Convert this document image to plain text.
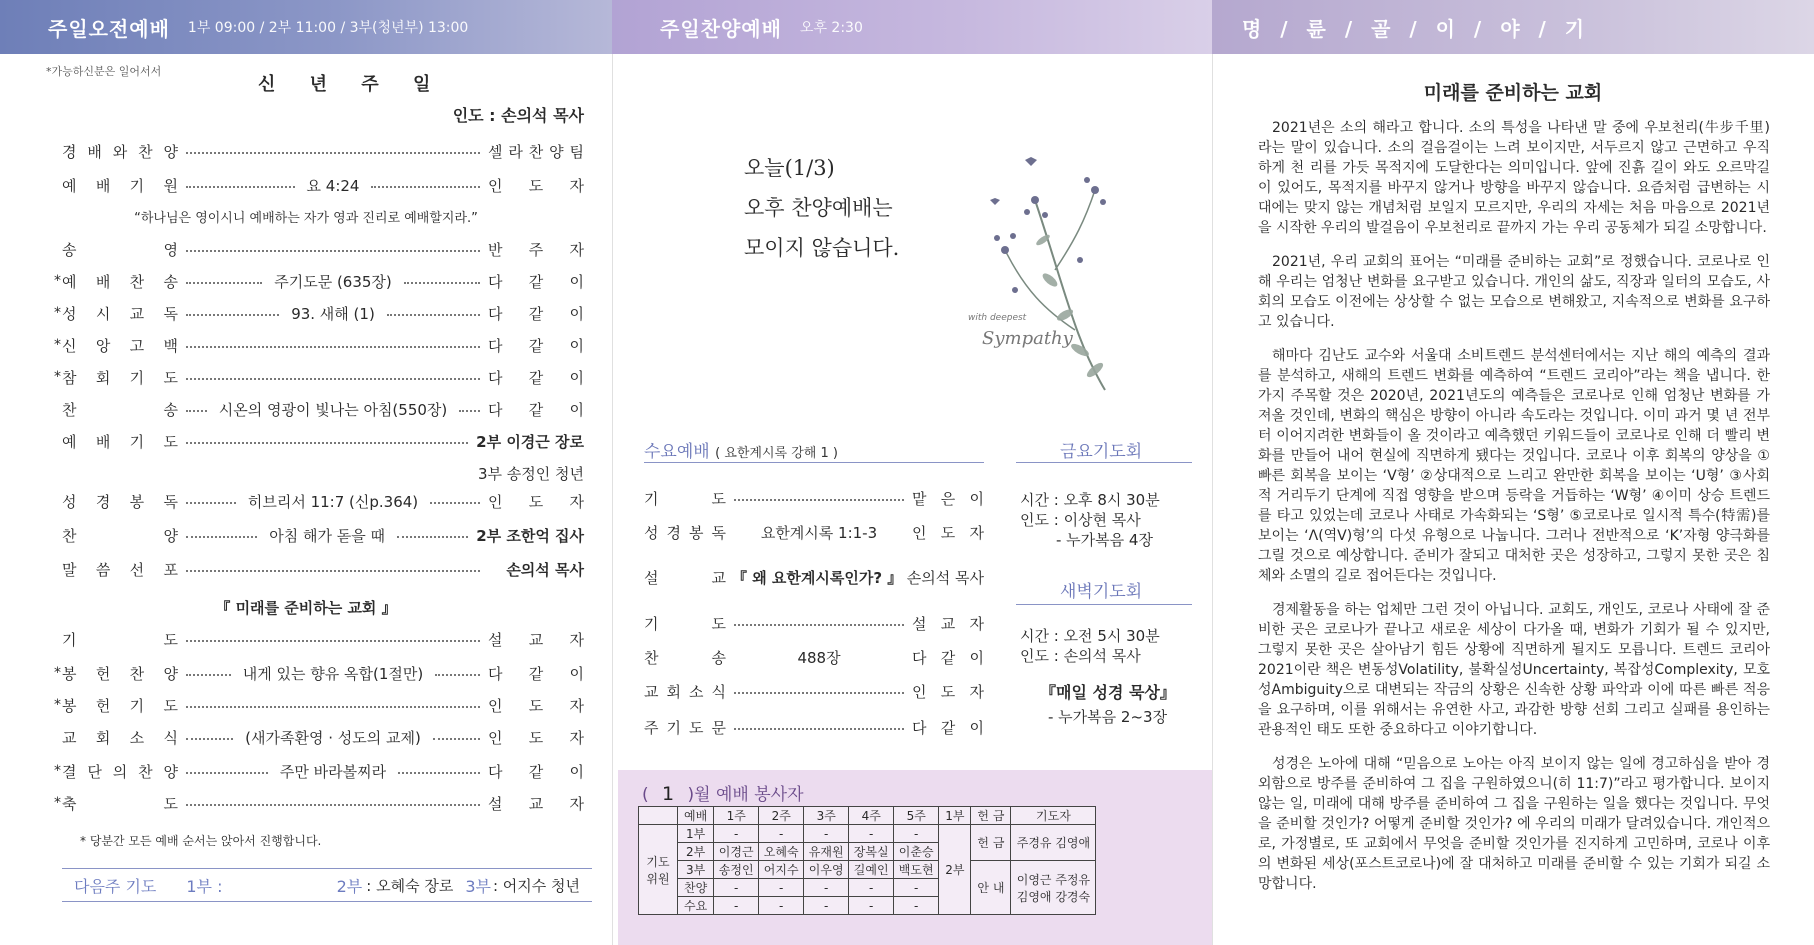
주일오전예배 1부 09:00 / 2부 11:00 / 3부(청년부) 13:00	주일찬양예배 오후 2:30	명 / 륜 / 골 / 이 / 야 / 기
*가능하신분은 일어서서
신 년 주 일
인도 : 손의석 목사
경 배 와 찬 양	셀 라 찬 양 팀
예 배 기 원	요 4:24	인 도 자
송	영	반 주 자
* 예 배 찬 송	주기도문 (635장)	다 같 이
* 성 시 교 독	93. 새해 (1)	다 같 이
* 신 앙 고 백	다 같 이
* 참 회 기 도	다 같 이
찬	송	시온의 영광이 빛나는 아침(550장)	다 같 이
예 배 기 도	2부 이경근 장로
성 경 봉 독	히브리서 11:7 (신p.364)	인 도 자
찬	양	아침 해가 돋을 때	2부 조한억 집사
말 씀 선 포	손의석 목사
기	도	설 교 자
* 봉 헌 찬 양	내게 있는 향유 옥합(1절만)	다 같 이
* 봉 헌 기 도	인 도 자
교 회 소 식	(새가족환영 · 성도의 교제)	인 도 자
* 결 단 의 찬 양	주만 바라볼찌라	다 같 이
* 축	도	설 교 자
“하나님은 영이시니 예배하는 자가 영과 진리로 예배할지라.”
3부 송정인 청년
『 미래를 준비하는 교회 』
* 당분간 모든 예배 순서는 앉아서 진행합니다.
다음주 기도 1부 :	2부 : 오혜숙 장로 3부 : 어지수 청년
오늘(1/3)
오후 찬양예배는
모이지 않습니다.
with deepest
Sympathy
수요예배 ( 요한계시록 강해 1 )
기	도	맡 은 이
성 경 봉 독	요한계시록 1:1-3	인 도 자
설	교 『 왜 요한계시록인가? 』 손의석 목사
기	도	설 교 자
찬	송	488장	다 같 이
교 회 소 식	인 도 자
주 기 도 문	다 같 이
금요기도회
시간 : 오후 8시 30분
인도 : 이상현 목사
- 누가복음 4장
새벽기도회
시간 : 오전 5시 30분
인도 : 손의석 목사
『매일 성경 묵상』
- 누가복음 2~3장
( 1 )월 예배 봉사자
	예배	1주	2주	3주	4주	5주	1부	헌 금	기도자
기도 위원	1부	-	-	-	-	-	2부	헌 금	주경유 김영애
	2부	이경근	오혜숙	유재원	장복실	이춘승			
	3부	송정인	어지수	이우영	길예인	백도현		안 내	이영근 주정유 김영애 강경숙
	찬양	-	-	-	-	-			
	수요	-	-	-	-	-			
미래를 준비하는 교회

2021년은 소의 해라고 합니다. 소의 특성을 나타낸 말 중에 우보천리(牛步千里)라는 말이 있습니다. 소의 걸음걸이는 느려 보이지만, 서두르지 않고 근면하고 우직하게 천 리를 가듯 목적지에 도달한다는 의미입니다. 앞에 진흙 길이 와도 오르막길이 있어도, 목적지를 바꾸지 않거나 방향을 바꾸지 않습니다. 요즘처럼 급변하는 시대에는 맞지 않는 개념처럼 보일지 모르지만, 우리의 자세는 처음 마음으로 2021년을 시작한 우리의 발걸음이 우보천리로 끝까지 가는 우리 공동체가 되길 소망합니다.

2021년, 우리 교회의 표어는 “미래를 준비하는 교회”로 정했습니다. 코로나로 인해 우리는 엄청난 변화를 요구받고 있습니다. 개인의 삶도, 직장과 일터의 모습도, 사회의 모습도 이전에는 상상할 수 없는 모습으로 변해왔고, 지속적으로 변화를 요구하고 있습니다.

해마다 김난도 교수와 서울대 소비트렌드 분석센터에서는 지난 해의 예측의 결과를 분석하고, 새해의 트렌드 변화를 예측하여 “트렌드 코리아”라는 책을 냅니다. 한가지 주목할 것은 2020년, 2021년도의 예측들은 코로나로 인해 엄청난 변화를 가져올 것인데, 변화의 핵심은 방향이 아니라 속도라는 것입니다. 이미 과거 몇 년 전부터 이어지려한 변화들이 올 것이라고 예측했던 키워드들이 코로나로 인해 더 빨리 변화를 만들어 내어 현실에 직면하게 됐다는 것입니다. 코로나 이후 회복의 양상을 ①빠른 회복을 보이는 ‘V형’ ②상대적으로 느리고 완만한 회복을 보이는 ‘U형’ ③사회적 거리두기 단계에 직접 영향을 받으며 등락을 거듭하는 ‘W형’ ④이미 상승 트렌드를 타고 있었는데 코로나 사태로 가속화되는 ‘S형’ ⑤코로나로 일시적 특수(特需)를 보이는 ‘Λ(역V)형’의 다섯 유형으로 나눕니다. 그러나 전반적으로 ‘K’자형 양극화를 그릴 것으로 예상합니다. 준비가 잘되고 대처한 곳은 성장하고, 그렇지 못한 곳은 침체와 소멸의 길로 접어든다는 것입니다.

경제활동을 하는 업체만 그런 것이 아닙니다. 교회도, 개인도, 코로나 사태에 잘 준비한 곳은 코로나가 끝나고 새로운 세상이 다가올 때, 변화가 기회가 될 수 있지만, 그렇지 못한 곳은 살아남기 힘든 상황에 직면하게 될지도 모릅니다. 트렌드 코리아 2021이란 책은 변동성Volatility, 불확실성Uncertainty, 복잡성Complexity, 모호성Ambiguity으로 대변되는 작금의 상황은 신속한 상황 파악과 이에 따른 빠른 적응을 요구하며, 이를 위해서는 유연한 사고, 과감한 방향 선회 그리고 실패를 용인하는 관용적인 태도 또한 중요하다고 이야기합니다.

성경은 노아에 대해 “믿음으로 노아는 아직 보이지 않는 일에 경고하심을 받아 경외함으로 방주를 준비하여 그 집을 구원하였으니(히 11:7)”라고 평가합니다. 보이지 않는 일, 미래에 대해 방주를 준비하여 그 집을 구원하는 일을 했다는 것입니다. 무엇을 준비할 것인가? 어떻게 준비할 것인가? 에 우리의 미래가 달려있습니다. 개인적으로, 가정별로, 또 교회에서 무엇을 준비할 것인가를 진지하게 고민하며, 코로나 이후의 변화된 세상(포스트코로나)에 잘 대처하고 미래를 준비할 수 있는 기회가 되길 소망합니다.
